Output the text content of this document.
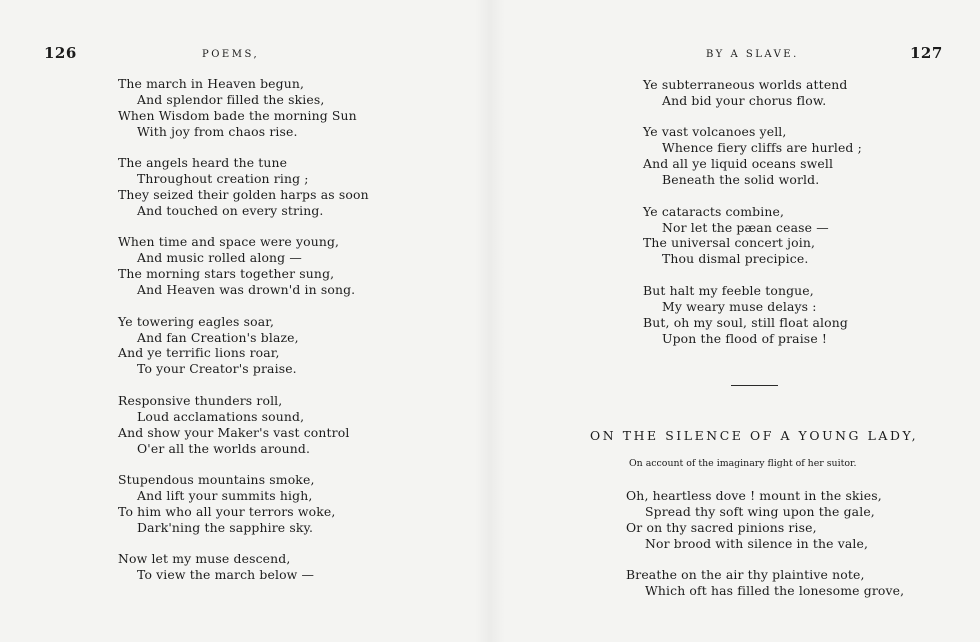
126	POEMS,
The march in Heaven begun,
And splendor filled the skies,
When Wisdom bade the morning Sun
With joy from chaos rise.
The angels heard the tune
Throughout creation ring ;
They seized their golden harps as soon
And touched on every string.
When time and space were young,
And music rolled along —
The morning stars together sung,
And Heaven was drown'd in song.
Ye towering eagles soar,
And fan Creation's blaze,
And ye terrific lions roar,
To your Creator's praise.
Responsive thunders roll,
Loud acclamations sound,
And show your Maker's vast control
O'er all the worlds around.
Stupendous mountains smoke,
And lift your summits high,
To him who all your terrors woke,
Dark'ning the sapphire sky.
Now let my muse descend,
To view the march below —
BY A SLAVE.	127
Ye subterraneous worlds attend
And bid your chorus flow.
Ye vast volcanoes yell,
Whence fiery cliffs are hurled ;
And all ye liquid oceans swell
Beneath the solid world.
Ye cataracts combine,
Nor let the pæan cease —
The universal concert join,
Thou dismal precipice.
But halt my feeble tongue,
My weary muse delays :
But, oh my soul, still float along
Upon the flood of praise !
ON THE SILENCE OF A YOUNG LADY,
On account of the imaginary flight of her suitor.
Oh, heartless dove ! mount in the skies,
Spread thy soft wing upon the gale,
Or on thy sacred pinions rise,
Nor brood with silence in the vale,
Breathe on the air thy plaintive note,
Which oft has filled the lonesome grove,
